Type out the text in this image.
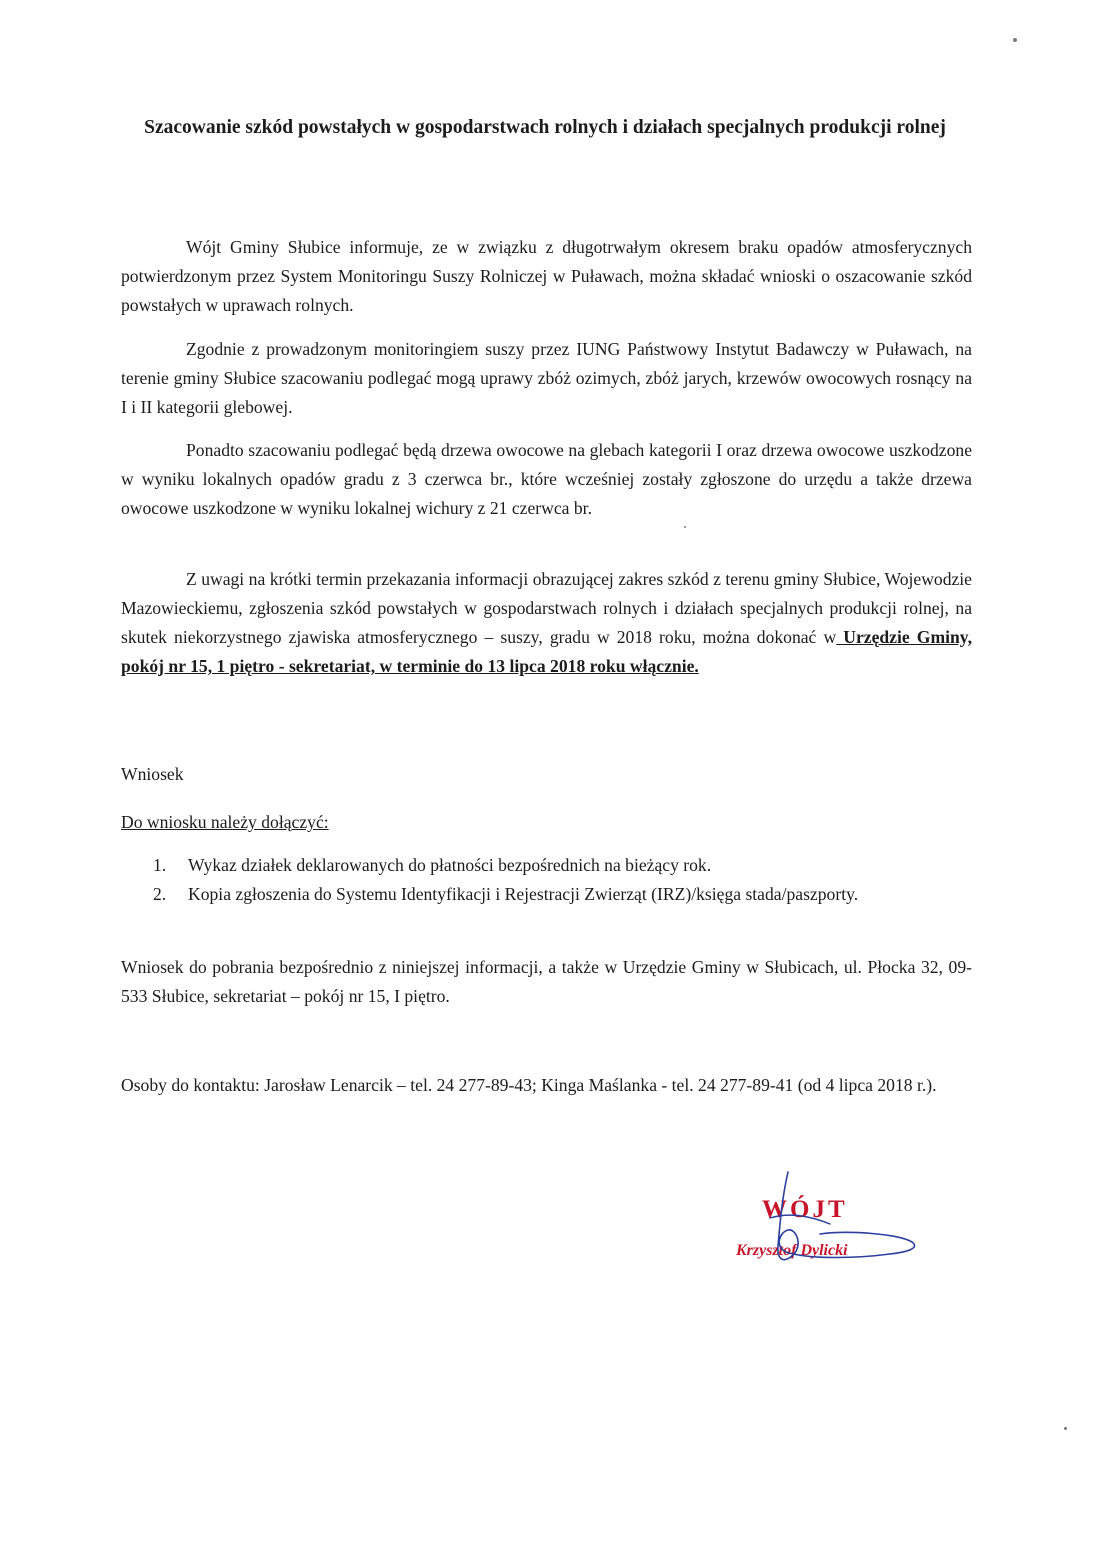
Szacowanie szkód powstałych w gospodarstwach rolnych i działach specjalnych produkcji rolnej
Wójt Gminy Słubice informuje, ze w związku z długotrwałym okresem braku opadów atmosferycznych potwierdzonym przez System Monitoringu Suszy Rolniczej w Puławach, można składać wnioski o oszacowanie szkód powstałych w uprawach rolnych.
Zgodnie z prowadzonym monitoringiem suszy przez IUNG Państwowy Instytut Badawczy w Puławach, na terenie gminy Słubice szacowaniu podlegać mogą uprawy zbóż ozimych, zbóż jarych, krzewów owocowych rosnący na I i II kategorii glebowej.
Ponadto szacowaniu podlegać będą drzewa owocowe na glebach kategorii I oraz drzewa owocowe uszkodzone w wyniku lokalnych opadów gradu z 3 czerwca br., które wcześniej zostały zgłoszone do urzędu a także drzewa owocowe uszkodzone w wyniku lokalnej wichury z 21 czerwca br.
Z uwagi na krótki termin przekazania informacji obrazującej zakres szkód z terenu gminy Słubice, Wojewodzie Mazowieckiemu, zgłoszenia szkód powstałych w gospodarstwach rolnych i działach specjalnych produkcji rolnej, na skutek niekorzystnego zjawiska atmosferycznego – suszy, gradu w 2018 roku, można dokonać w Urzędzie Gminy, pokój nr 15, 1 piętro - sekretariat, w terminie do 13 lipca 2018 roku włącznie.
Wniosek
Do wniosku należy dołączyć:
1. Wykaz działek deklarowanych do płatności bezpośrednich na bieżący rok.
2. Kopia zgłoszenia do Systemu Identyfikacji i Rejestracji Zwierząt (IRZ)/księga stada/paszporty.
Wniosek do pobrania bezpośrednio z niniejszej informacji, a także w Urzędzie Gminy w Słubicach, ul. Płocka 32, 09-533 Słubice, sekretariat – pokój nr 15, I piętro.
Osoby do kontaktu: Jarosław Lenarcik – tel. 24 277-89-43; Kinga Maślanka - tel. 24 277-89-41 (od 4 lipca 2018 r.).
WÓJT
Krzysztof Dylicki
